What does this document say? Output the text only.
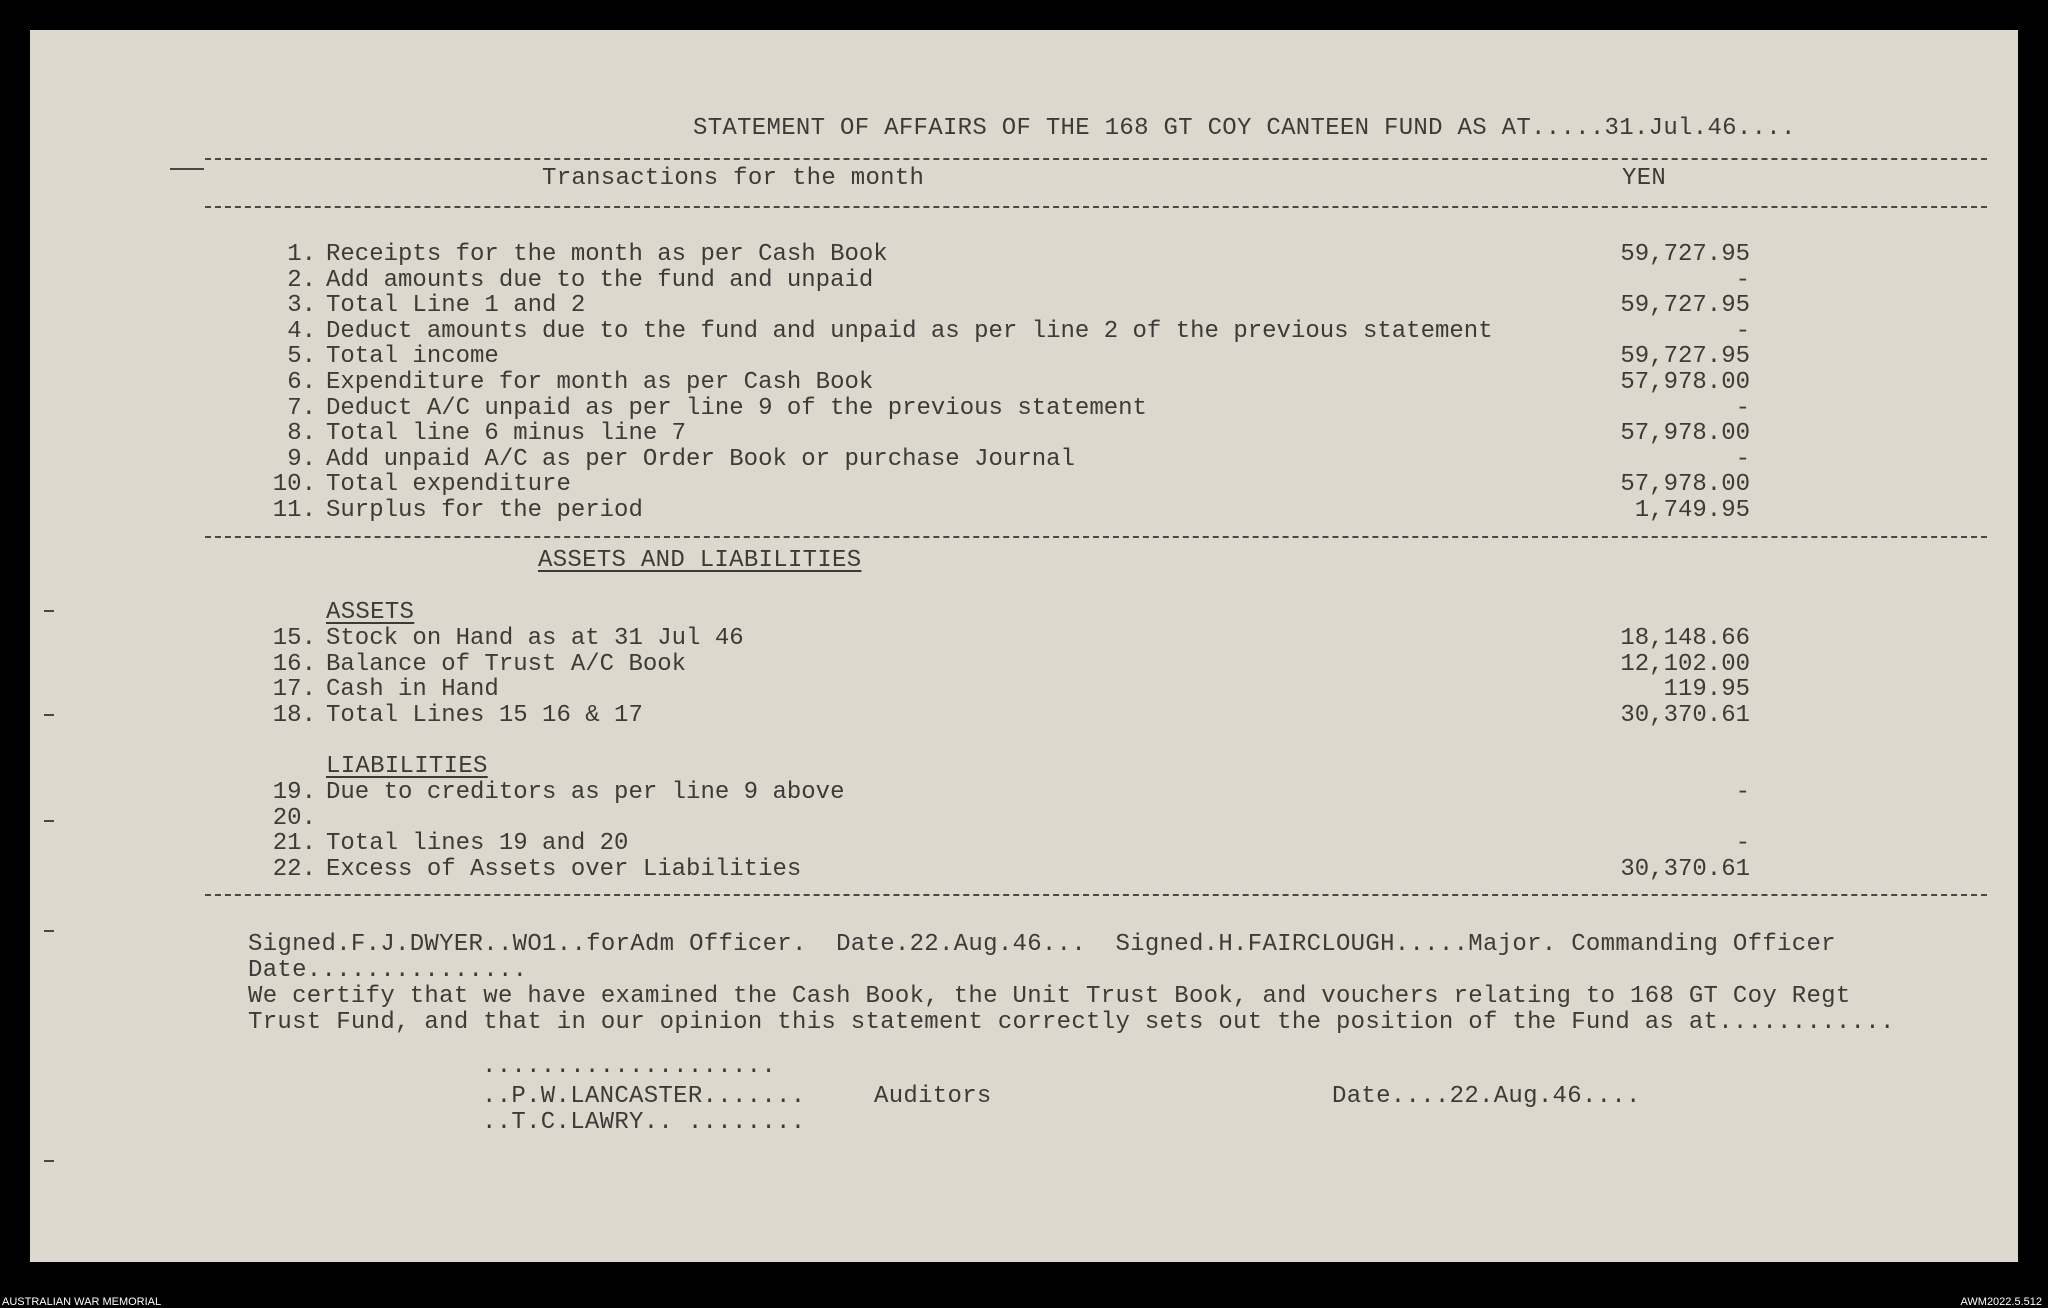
STATEMENT OF AFFAIRS OF THE 168 GT COY CANTEEN FUND AS AT.....31.Jul.46....
Transactions for the month	YEN
1. Receipts for the month as per Cash Book	59,727.95
2. Add amounts due to the fund and unpaid	-
3. Total Line 1 and 2	59,727.95
4. Deduct amounts due to the fund and unpaid as per line 2 of the previous statement	-
5. Total income	59,727.95
6. Expenditure for month as per Cash Book	57,978.00
7. Deduct A/C unpaid as per line 9 of the previous statement	-
8. Total line 6 minus line 7	57,978.00
9. Add unpaid A/C as per Order Book or purchase Journal	-
10. Total expenditure	57,978.00
11. Surplus for the period	1,749.95
ASSETS AND LIABILITIES
ASSETS
15. Stock on Hand as at 31 Jul 46	18,148.66
16. Balance of Trust A/C Book	12,102.00
17. Cash in Hand	119.95
18. Total Lines 15 16 & 17	30,370.61
LIABILITIES
19. Due to creditors as per line 9 above	-
20.
21. Total lines 19 and 20	-
22. Excess of Assets over Liabilities	30,370.61
Signed.F.J.DWYER..WO1..forAdm Officer.  Date.22.Aug.46...  Signed.H.FAIRCLOUGH.....Major. Commanding Officer
Date...............
We certify that we have examined the Cash Book, the Unit Trust Book, and vouchers relating to 168 GT Coy Regt
Trust Fund, and that in our opinion this statement correctly sets out the position of the Fund as at............
....................
..P.W.LANCASTER.......	Auditors	Date....22.Aug.46....
..T.C.LAWRY.. ........
AUSTRALIAN WAR MEMORIAL	AWM2022.5.512
